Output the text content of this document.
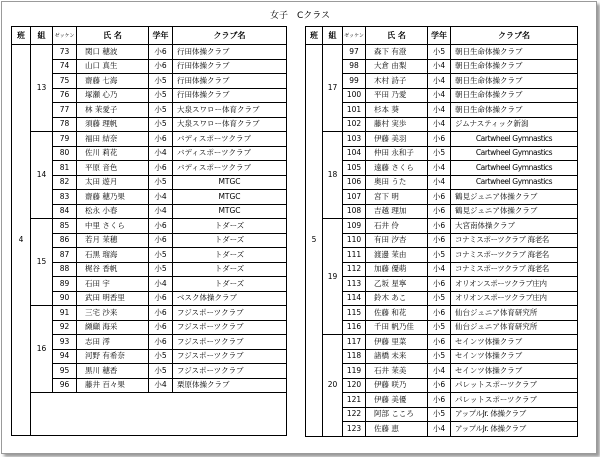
女子　Cクラス
班	組	ゼッケン	氏 名	学年	クラブ名
4	13	73	関口 穂波	小6	行田体操クラブ
		74	山口 真生	小6	行田体操クラブ
		75	齋藤 七海	小5	行田体操クラブ
		76	塚瀬 心乃	小5	行田体操クラブ
		77	林 茉愛子	小5	大泉スワロー体育クラブ
		78	須藤 理帆	小5	大泉スワロー体育クラブ
	14	79	福田 結奈	小6	バディスポーツクラブ
		80	佐川 莉花	小4	バディスポーツクラブ
		81	平原 音色	小6	バディスポーツクラブ
		82	太田 遊月	小5	MTGC
		83	齋藤 穂乃果	小4	MTGC
		84	松永 小春	小4	MTGC
	15	85	中里 さくら	小6	トダーズ
		86	若月 茉穂	小6	トダーズ
		87	石黒 瑠海	小5	トダーズ
		88	梶谷 香帆	小5	トダーズ
		89	石田 宇	小4	トダーズ
		90	武田 明香里	小6	ベスク体操クラブ
	16	91	三宅 沙来	小6	フジスポーツクラブ
		92	纐纈 海采	小6	フジスポーツクラブ
		93	志田 澪	小6	フジスポーツクラブ
		94	河野 有希奈	小5	フジスポーツクラブ
		95	黒川 穂香	小5	フジスポーツクラブ
		96	藤井 百々果	小4	栗原体操クラブ

班	組	ゼッケン	氏 名	学年	クラブ名
5	17	97	森下 有澄	小5	朝日生命体操クラブ
		98	大倉 由梨	小4	朝日生命体操クラブ
		99	木村 詩子	小4	朝日生命体操クラブ
		100	平田 乃愛	小4	朝日生命体操クラブ
		101	杉本 葵	小4	朝日生命体操クラブ
		102	藤村 実歩	小4	ジムナスティック新潟
	18	103	伊藤 美羽	小6	Cartwheel Gymnastics
		104	仲田 永和子	小5	Cartwheel Gymnastics
		105	遠藤 さくら	小4	Cartwheel Gymnastics
		106	奥田 うた	小4	Cartwheel Gymnastics
		107	宮下 明	小6	鶴見ジュニア体操クラブ
		108	吉越 理加	小6	鶴見ジュニア体操クラブ
	19	109	石井 伶	小6	大宮南体操クラブ
		110	有田 汐杏	小6	コナミスポーツクラブ 海老名
		111	渡邊 茉由	小5	コナミスポーツクラブ 海老名
		112	加藤 優萌	小4	コナミスポーツクラブ 海老名
		113	乙坂 星寧	小6	オリオンスポーツクラブ庄内
		114	鈴木 あこ	小5	オリオンスポーツクラブ庄内
		115	佐藤 和花	小6	仙台ジュニア体育研究所
		116	千田 帆乃佳	小5	仙台ジュニア体育研究所
	20	117	伊藤 里菜	小6	セインツ体操クラブ
		118	諸橋 未来	小5	セインツ体操クラブ
		119	石井 茉美	小4	セインツ体操クラブ
		120	伊藤 咲乃	小6	パレットスポーツクラブ
		121	伊藤 美優	小6	パレットスポーツクラブ
		122	阿部 こころ	小5	アップルJr. 体操クラブ
		123	佐藤 恵	小4	アップルJr. 体操クラブ
